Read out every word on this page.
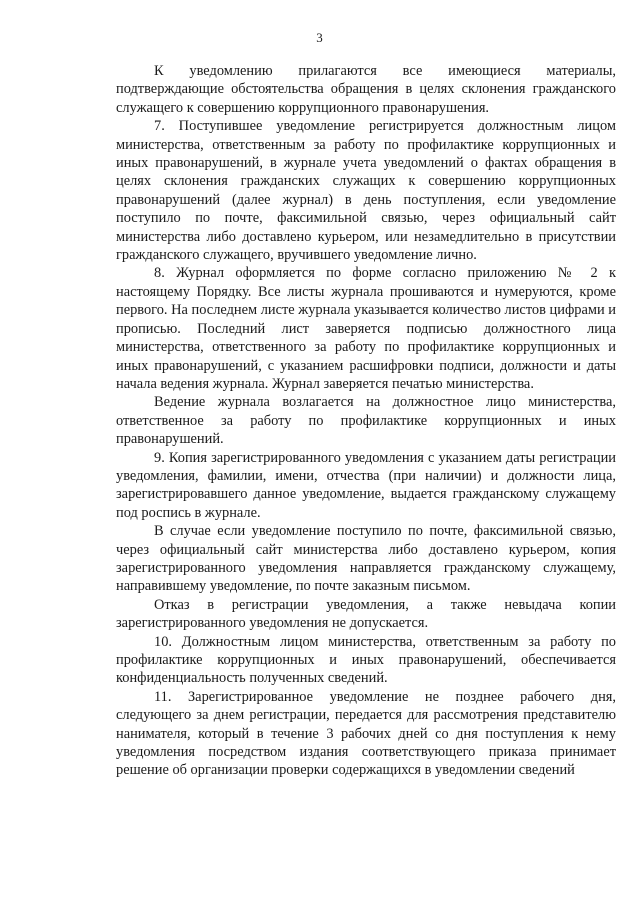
3

К уведомлению прилагаются все имеющиеся материалы, подтверждающие обстоятельства обращения в целях склонения гражданского служащего к совершению коррупционного правонарушения.

7. Поступившее уведомление регистрируется должностным лицом министерства, ответственным за работу по профилактике коррупционных и иных правонарушений, в журнале учета уведомлений о фактах обращения в целях склонения гражданских служащих к совершению коррупционных правонарушений (далее журнал) в день поступления, если уведомление поступило по почте, факсимильной связью, через официальный сайт министерства либо доставлено курьером, или незамедлительно в присутствии гражданского служащего, вручившего уведомление лично.

8. Журнал оформляется по форме согласно приложению № 2 к настоящему Порядку. Все листы журнала прошиваются и нумеруются, кроме первого. На последнем листе журнала указывается количество листов цифрами и прописью. Последний лист заверяется подписью должностного лица министерства, ответственного за работу по профилактике коррупционных и иных правонарушений, с указанием расшифровки подписи, должности и даты начала ведения журнала. Журнал заверяется печатью министерства.

Ведение журнала возлагается на должностное лицо министерства, ответственное за работу по профилактике коррупционных и иных правонарушений.

9. Копия зарегистрированного уведомления с указанием даты регистрации уведомления, фамилии, имени, отчества (при наличии) и должности лица, зарегистрировавшего данное уведомление, выдается гражданскому служащему под роспись в журнале.

В случае если уведомление поступило по почте, факсимильной связью, через официальный сайт министерства либо доставлено курьером, копия зарегистрированного уведомления направляется гражданскому служащему, направившему уведомление, по почте заказным письмом.

Отказ в регистрации уведомления, а также невыдача копии зарегистрированного уведомления не допускается.

10. Должностным лицом министерства, ответственным за работу по профилактике коррупционных и иных правонарушений, обеспечивается конфиденциальность полученных сведений.

11. Зарегистрированное уведомление не позднее рабочего дня, следующего за днем регистрации, передается для рассмотрения представителю нанимателя, который в течение 3 рабочих дней со дня поступления к нему уведомления посредством издания соответствующего приказа принимает решение об организации проверки содержащихся в уведомлении сведений
